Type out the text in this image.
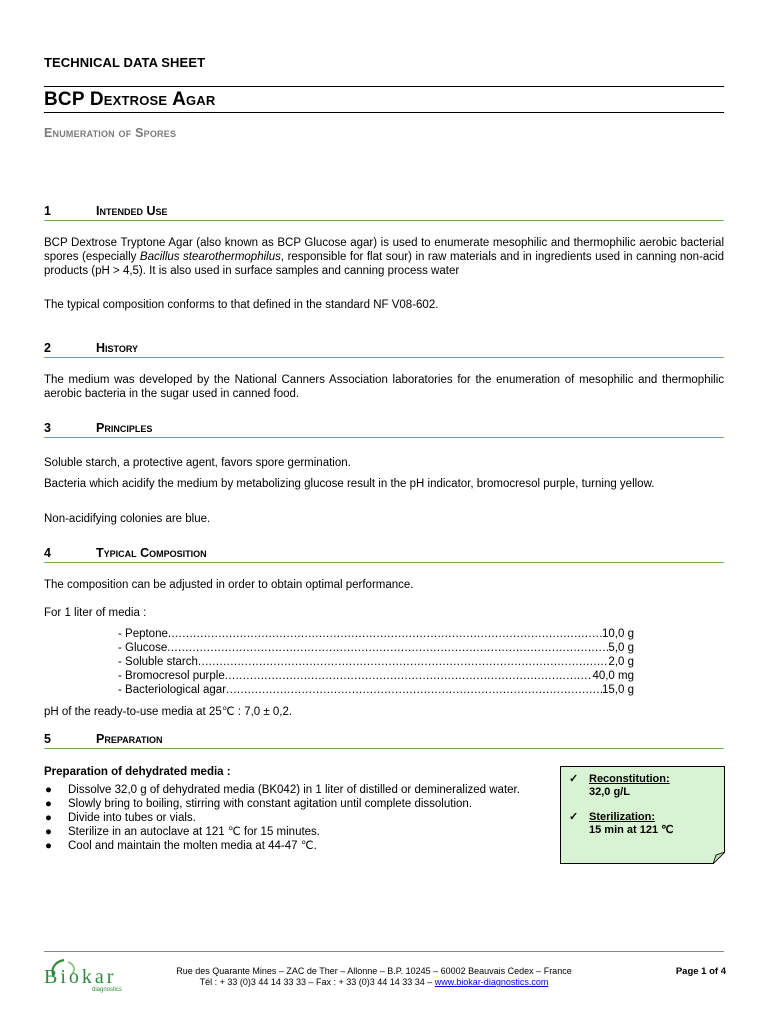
TECHNICAL DATA SHEET
BCP Dextrose Agar
Enumeration of Spores
1	Intended Use
BCP Dextrose Tryptone Agar (also known as BCP Glucose agar) is used to enumerate mesophilic and thermophilic aerobic bacterial spores (especially Bacillus stearothermophilus, responsible for flat sour) in raw materials and in ingredients used in canning non-acid products (pH > 4,5). It is also used in surface samples and canning process water
The typical composition conforms to that defined in the standard NF V08-602.
2	History
The medium was developed by the National Canners Association laboratories for the enumeration of mesophilic and thermophilic aerobic bacteria in the sugar used in canned food.
3	Principles
Soluble starch, a protective agent, favors spore germination.
Bacteria which acidify the medium by metabolizing glucose result in the pH indicator, bromocresol purple, turning yellow.
Non-acidifying colonies are blue.
4	Typical Composition
The composition can be adjusted in order to obtain optimal performance.
For 1 liter of media :
- Peptone .....	10,0 g
- Glucose .....	5,0 g
- Soluble starch .....	2,0 g
- Bromocresol purple .....	40,0 mg
- Bacteriological agar .....	15,0 g
pH of the ready-to-use media at 25℃ : 7,0 ± 0,2.
5	Preparation
Preparation of dehydrated media :
● Dissolve 32,0 g of dehydrated media (BK042) in 1 liter of distilled or demineralized water.
● Slowly bring to boiling, stirring with constant agitation until complete dissolution.
● Divide into tubes or vials.
● Sterilize in an autoclave at 121 ℃ for 15 minutes.
● Cool and maintain the molten media at 44-47 ℃.
✓ Reconstitution:
32,0 g/L
✓ Sterilization:
15 min at 121 ℃
Biokar
diagnostics
Rue des Quarante Mines – ZAC de Ther – Allonne – B.P. 10245 – 60002 Beauvais Cedex – France
Tél : + 33 (0)3 44 14 33 33 – Fax : + 33 (0)3 44 14 33 34 – www.biokar-diagnostics.com
Page 1 of 4
